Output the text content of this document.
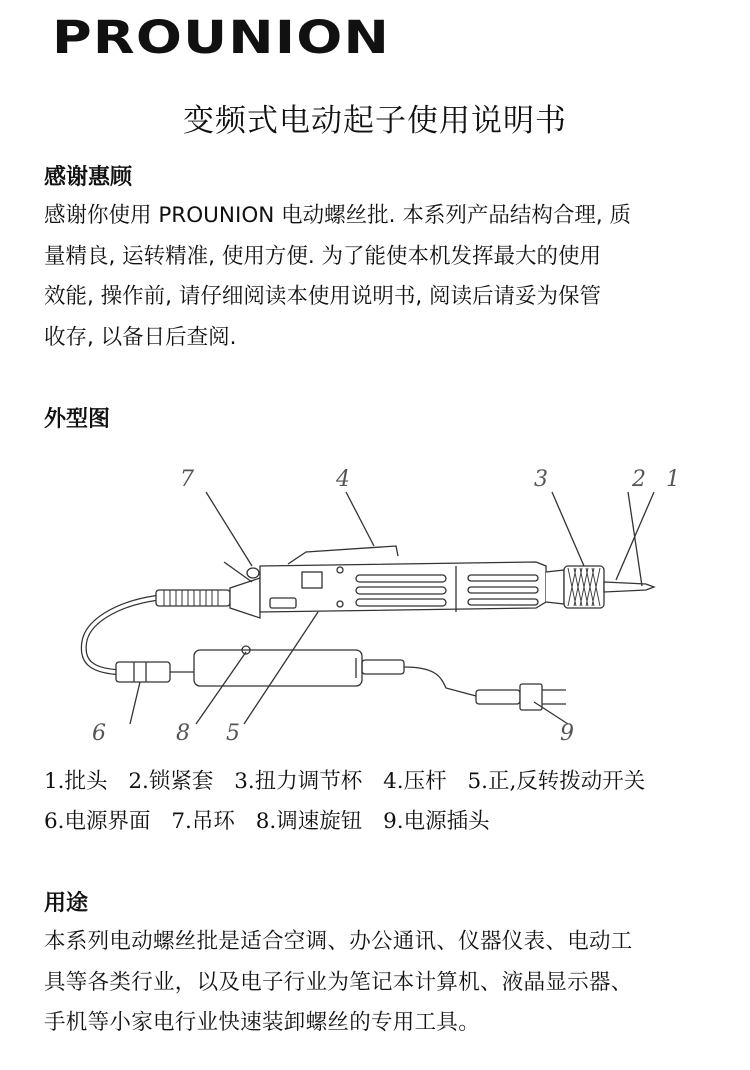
PROUNION
变频式电动起子使用说明书
感谢惠顾
感谢你使用 PROUNION 电动螺丝批. 本系列产品结构合理, 质
量精良, 运转精准, 使用方便. 为了能使本机发挥最大的使用
效能, 操作前, 请仔细阅读本使用说明书, 阅读后请妥为保管
收存, 以备日后查阅.
外型图
7	4	3	2 1
6	8 5	9
1.批头 2.锁紧套 3.扭力调节杯 4.压杆 5.正,反转拨动开关
6.电源界面 7.吊环 8.调速旋钮 9.电源插头
用途
本系列电动螺丝批是适合空调、办公通讯、仪器仪表、电动工
具等各类行业，以及电子行业为笔记本计算机、液晶显示器、
手机等小家电行业快速装卸螺丝的专用工具。
